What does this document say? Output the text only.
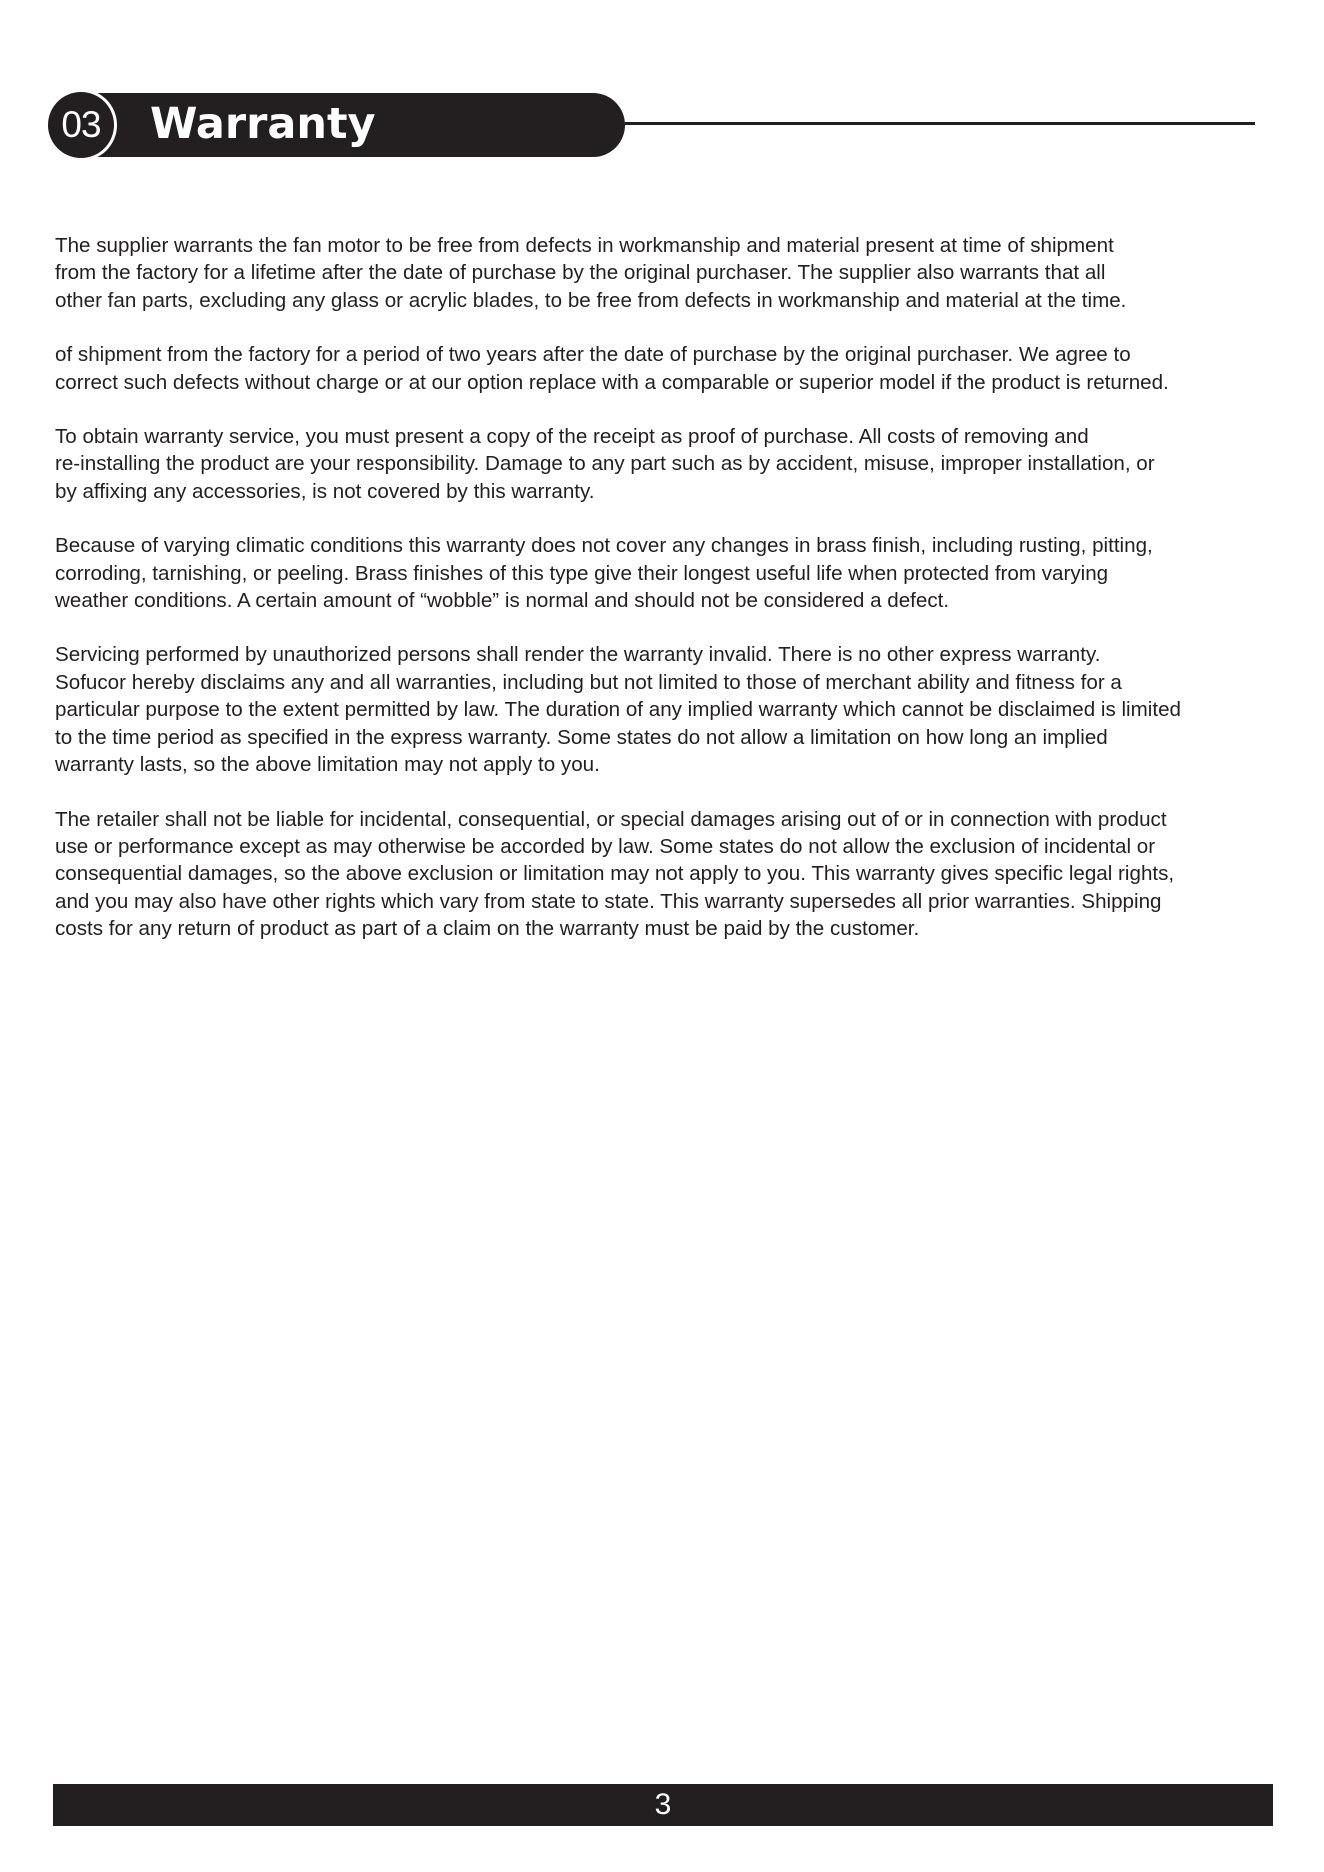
03	Warranty

The supplier warrants the fan motor to be free from defects in workmanship and material present at time of shipment
from the factory for a lifetime after the date of purchase by the original purchaser. The supplier also warrants that all
other fan parts, excluding any glass or acrylic blades, to be free from defects in workmanship and material at the time.

of shipment from the factory for a period of two years after the date of purchase by the original purchaser. We agree to
correct such defects without charge or at our option replace with a comparable or superior model if the product is returned.

To obtain warranty service, you must present a copy of the receipt as proof of purchase. All costs of removing and
re-installing the product are your responsibility. Damage to any part such as by accident, misuse, improper installation, or
by affixing any accessories, is not covered by this warranty.

Because of varying climatic conditions this warranty does not cover any changes in brass finish, including rusting, pitting,
corroding, tarnishing, or peeling. Brass finishes of this type give their longest useful life when protected from varying
weather conditions. A certain amount of “wobble” is normal and should not be considered a defect.

Servicing performed by unauthorized persons shall render the warranty invalid. There is no other express warranty.
Sofucor hereby disclaims any and all warranties, including but not limited to those of merchant ability and fitness for a
particular purpose to the extent permitted by law. The duration of any implied warranty which cannot be disclaimed is limited
to the time period as specified in the express warranty. Some states do not allow a limitation on how long an implied
warranty lasts, so the above limitation may not apply to you.

The retailer shall not be liable for incidental, consequential, or special damages arising out of or in connection with product
use or performance except as may otherwise be accorded by law. Some states do not allow the exclusion of incidental or
consequential damages, so the above exclusion or limitation may not apply to you. This warranty gives specific legal rights,
and you may also have other rights which vary from state to state. This warranty supersedes all prior warranties. Shipping
costs for any return of product as part of a claim on the warranty must be paid by the customer.

3
